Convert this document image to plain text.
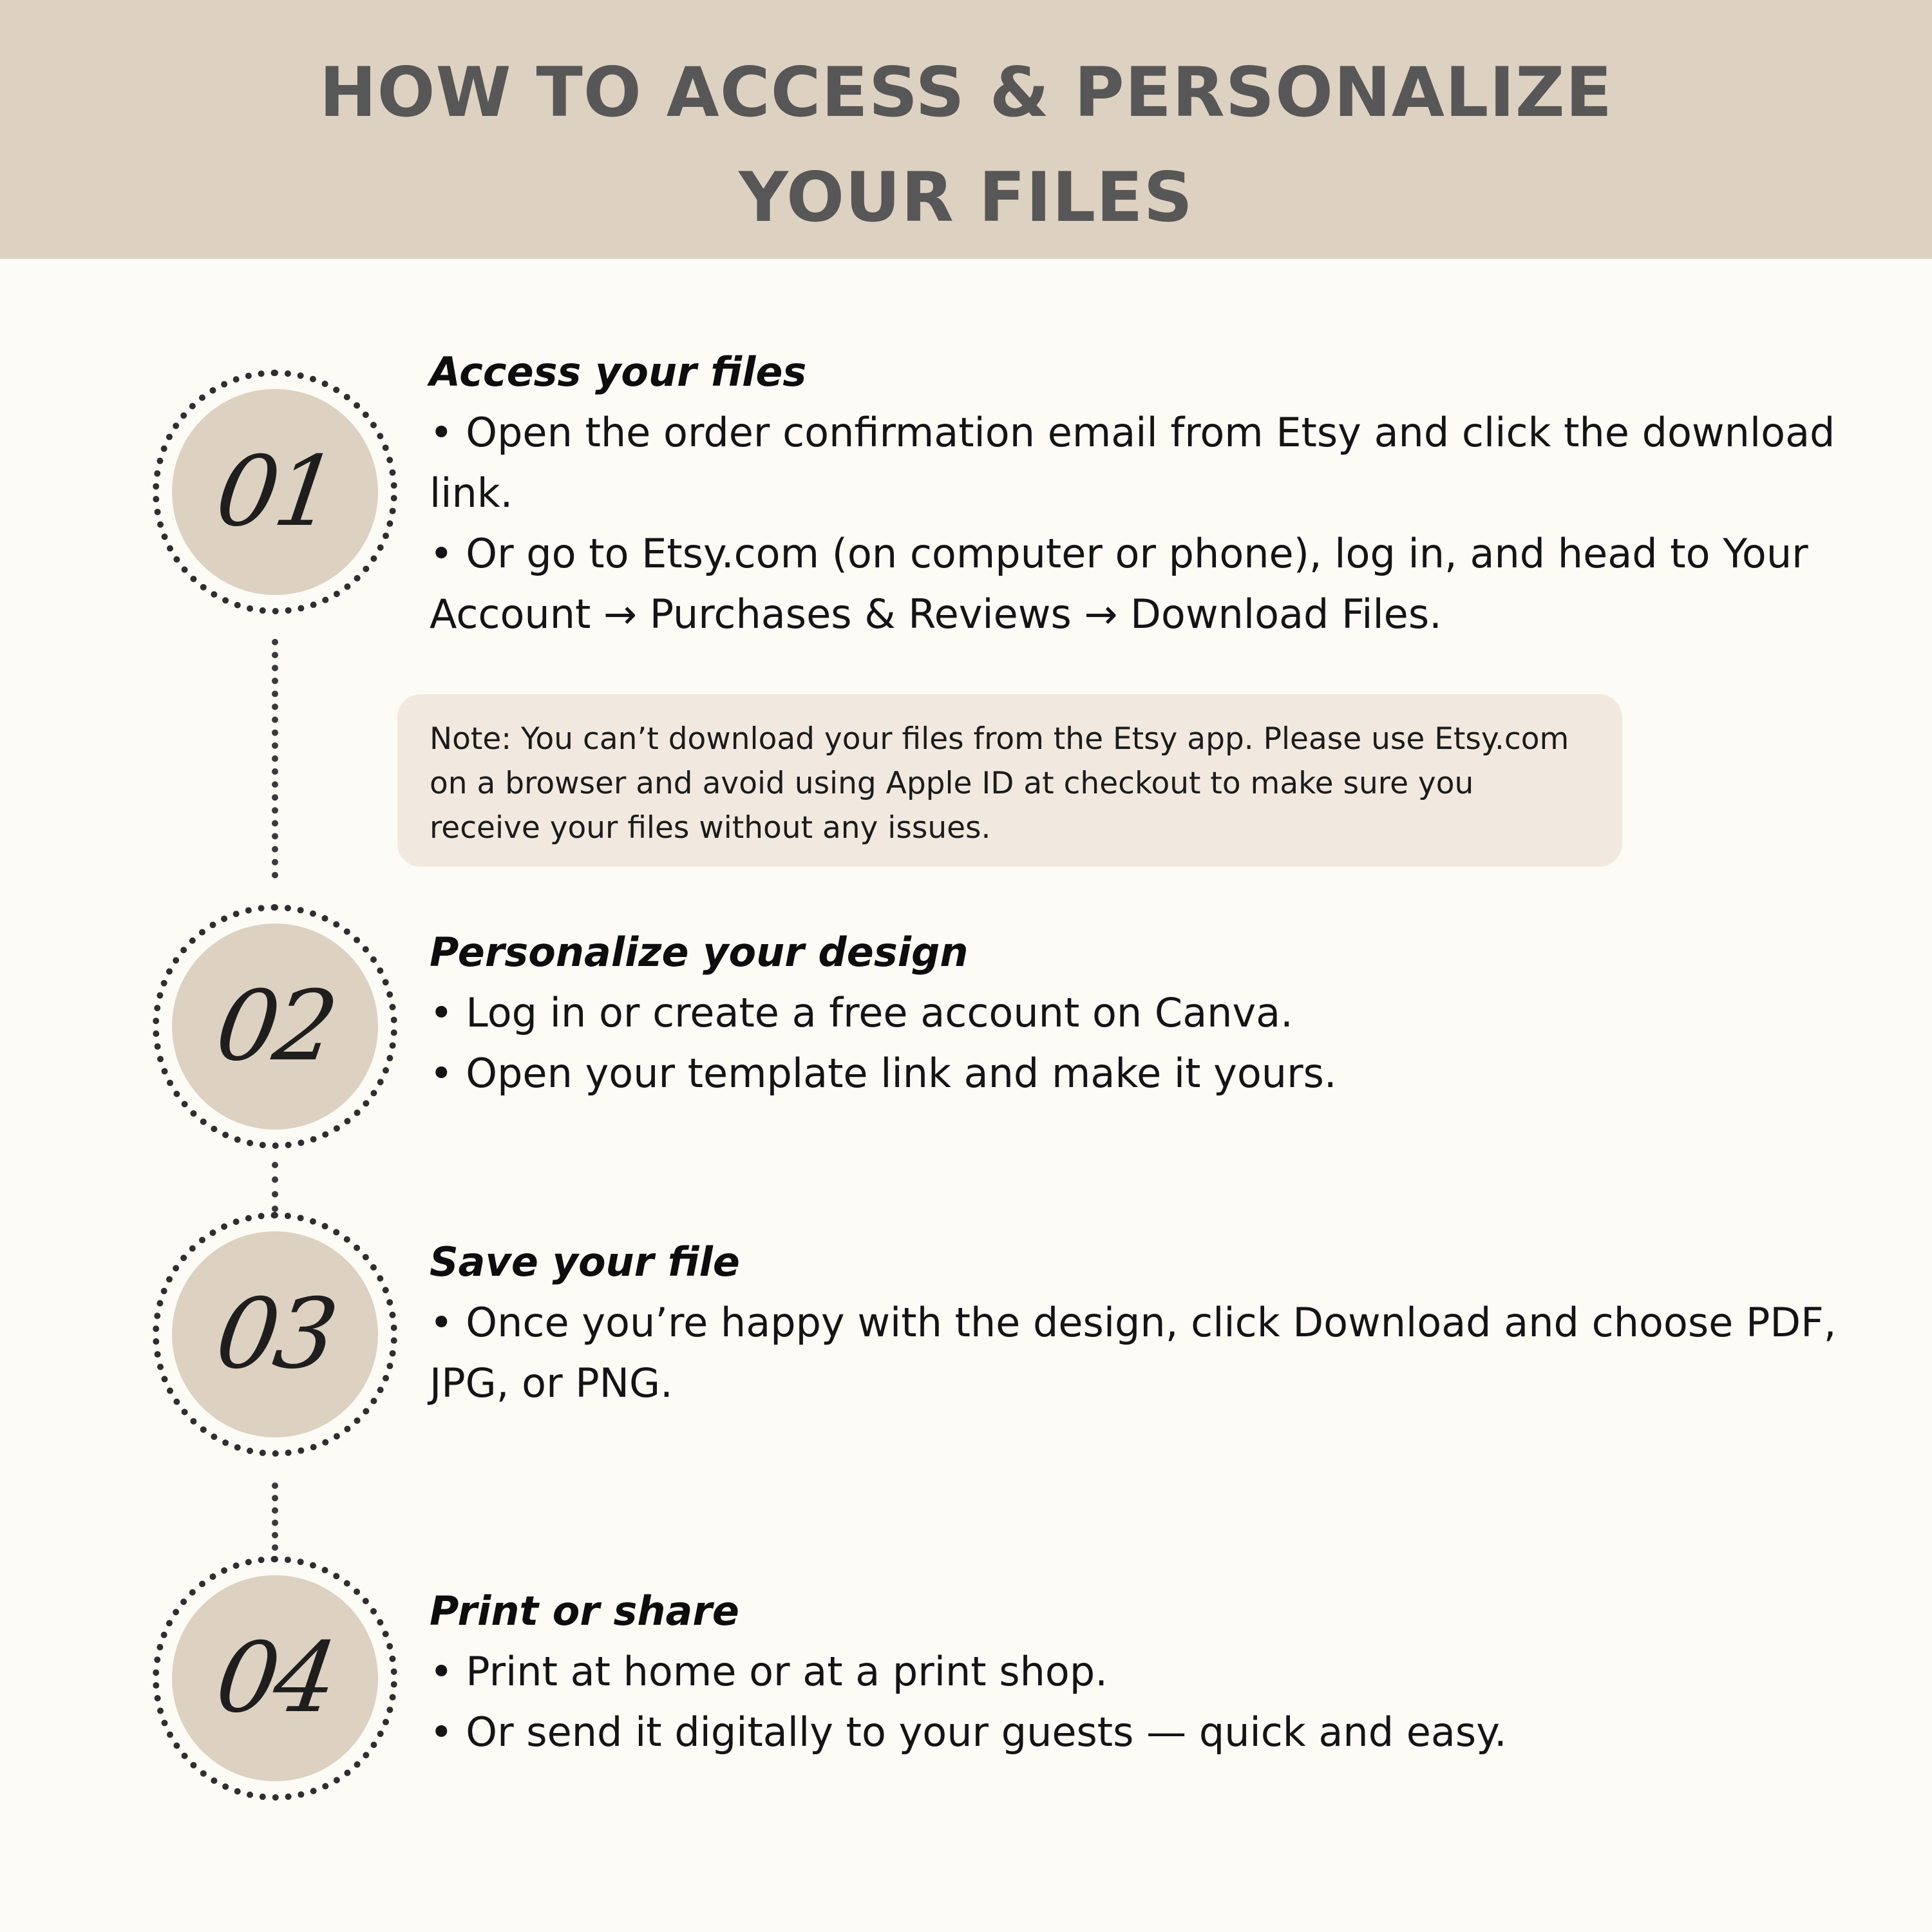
HOW TO ACCESS & PERSONALIZE
YOUR FILES
01

Access your files

• Open the order confirmation email from Etsy and click the download link.

• Or go to Etsy.com (on computer or phone), log in, and head to Your Account → Purchases & Reviews → Download Files.

Note: You can’t download your files from the Etsy app. Please use Etsy.com on a browser and avoid using Apple ID at checkout to make sure you receive your files without any issues.

02

Personalize your design

• Log in or create a free account on Canva.

• Open your template link and make it yours.

03

Save your file

• Once you’re happy with the design, click Download and choose PDF, JPG, or PNG.

04

Print or share

• Print at home or at a print shop.

• Or send it digitally to your guests — quick and easy.
